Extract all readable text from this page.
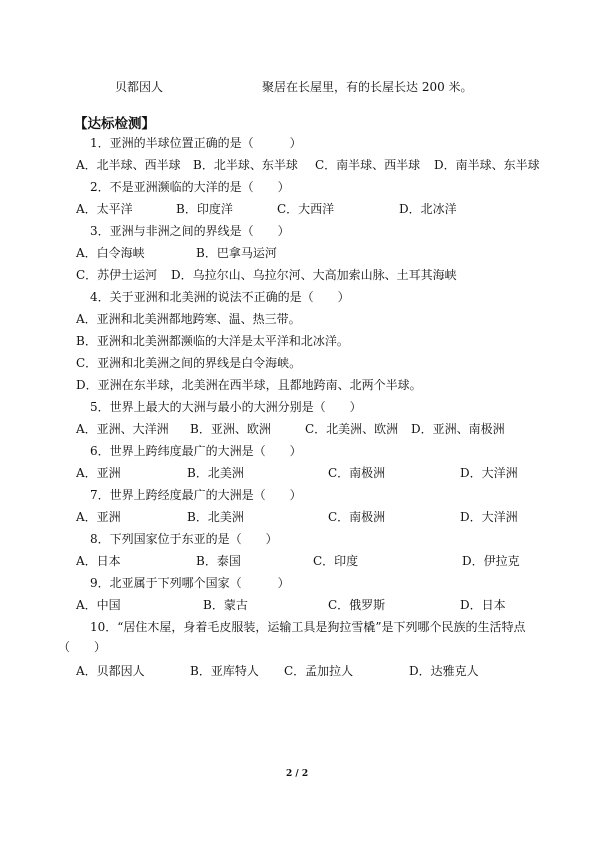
贝都因人	聚居在长屋里，有的长屋长达 200 米。
【达标检测】
1．亚洲的半球位置正确的是（　　　）
A．北半球、西半球 B．北半球、东半球 C．南半球、西半球 D．南半球、东半球
2．不是亚洲濒临的大洋的是（　　）
A．太平洋	B．印度洋	C．大西洋	D．北冰洋
3．亚洲与非洲之间的界线是（　　）
A．白令海峡	B．巴拿马运河
C．苏伊士运河 D．乌拉尔山、乌拉尔河、大高加索山脉、土耳其海峡
4．关于亚洲和北美洲的说法不正确的是（　　）
A．亚洲和北美洲都地跨寒、温、热三带。
B．亚洲和北美洲都濒临的大洋是太平洋和北冰洋。
C．亚洲和北美洲之间的界线是白令海峡。
D．亚洲在东半球，北美洲在西半球，且都地跨南、北两个半球。
5．世界上最大的大洲与最小的大洲分别是（　　）
A．亚洲、大洋洲 B．亚洲、欧洲	C．北美洲、欧洲 D．亚洲、南极洲
6．世界上跨纬度最广的大洲是（　　）
A．亚洲	B．北美洲	C．南极洲	D．大洋洲
7．世界上跨经度最广的大洲是（　　）
A．亚洲	B．北美洲	C．南极洲	D．大洋洲
8．下列国家位于东亚的是（　　）
A．日本	B．泰国	C．印度	D．伊拉克
9．北亚属于下列哪个国家（　　　）
A．中国	B．蒙古	C．俄罗斯	D．日本
10．“居住木屋，身着毛皮服装，运输工具是狗拉雪橇”是下列哪个民族的生活特点
（　　）
A．贝都因人	B．亚库特人 C．孟加拉人	D．达雅克人
2 / 2
